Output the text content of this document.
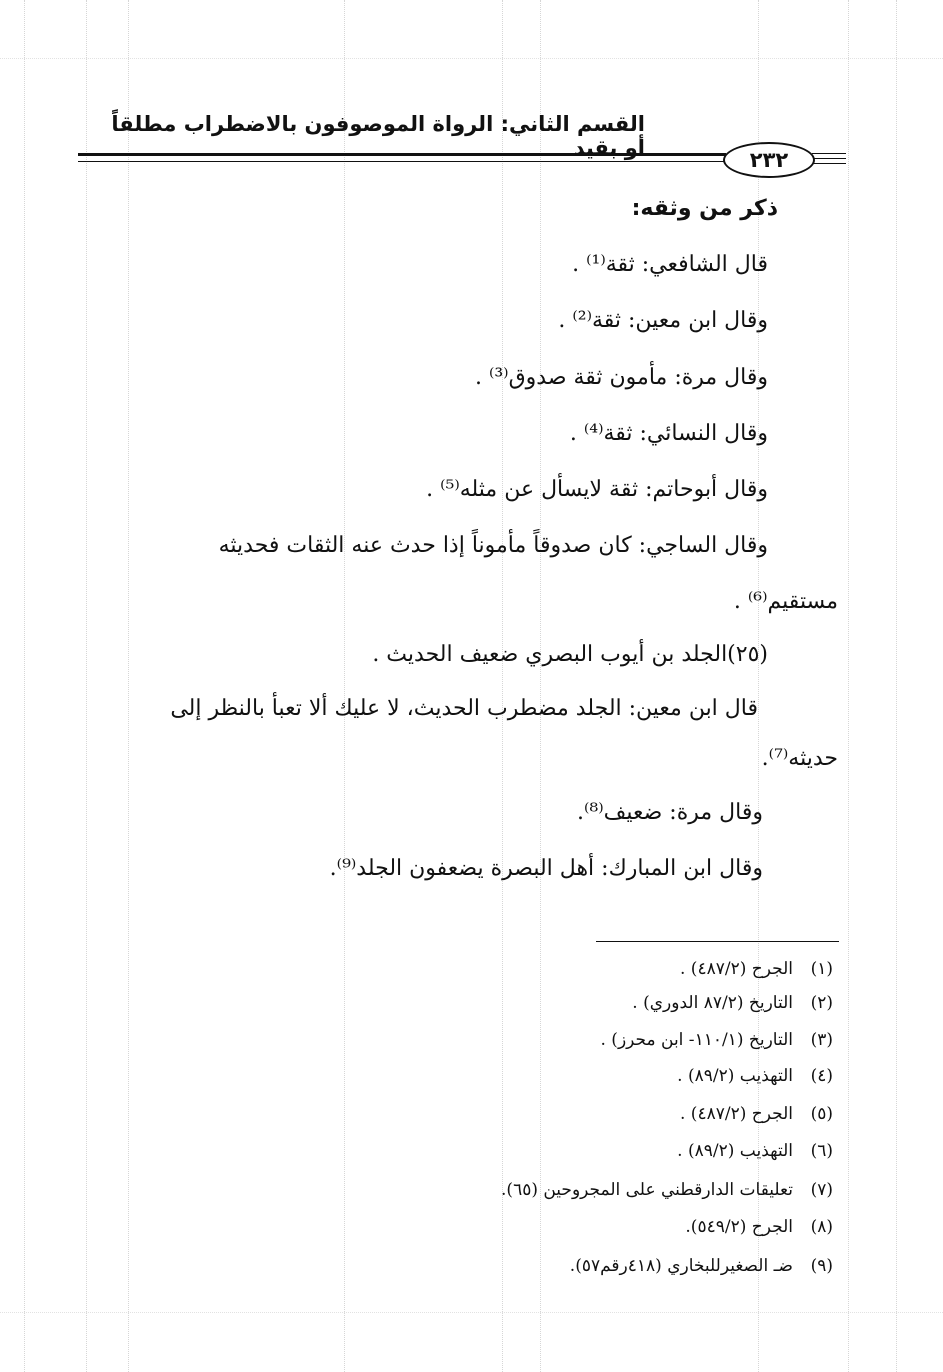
القسم الثاني: الرواة الموصوفون بالاضطراب مطلقاً أو بقيد	٢٣٢
ذكر من وثقه:
قال الشافعي: ثقة⁽¹⁾ .
وقال ابن معين: ثقة⁽²⁾ .
وقال مرة: مأمون ثقة صدوق⁽³⁾ .
وقال النسائي: ثقة⁽⁴⁾ .
وقال أبوحاتم: ثقة لايسأل عن مثله⁽⁵⁾ .
وقال الساجي: كان صدوقاً مأموناً إذا حدث عنه الثقات فحديثه
مستقيم⁽⁶⁾ .
(٢٥)الجلد بن أيوب البصري ضعيف الحديث .
قال ابن معين: الجلد مضطرب الحديث، لا عليك ألا تعبأ بالنظر إلى
حديثه⁽⁷⁾.
وقال مرة: ضعيف⁽⁸⁾.
وقال ابن المبارك: أهل البصرة يضعفون الجلد⁽⁹⁾.
(١)الجرح (٤٨٧/٢) .
(٢)التاريخ (٨٧/٢ الدوري) .
(٣)التاريخ (١١٠/١- ابن محرز) .
(٤)التهذيب (٨٩/٢) .
(٥)الجرح (٤٨٧/٢) .
(٦)التهذيب (٨٩/٢) .
(٧)تعليقات الدارقطني على المجروحين (٦٥).
(٨)الجرح (٥٤٩/٢).
(٩)ضـ الصغيرللبخاري (٤١٨رقم٥٧).
